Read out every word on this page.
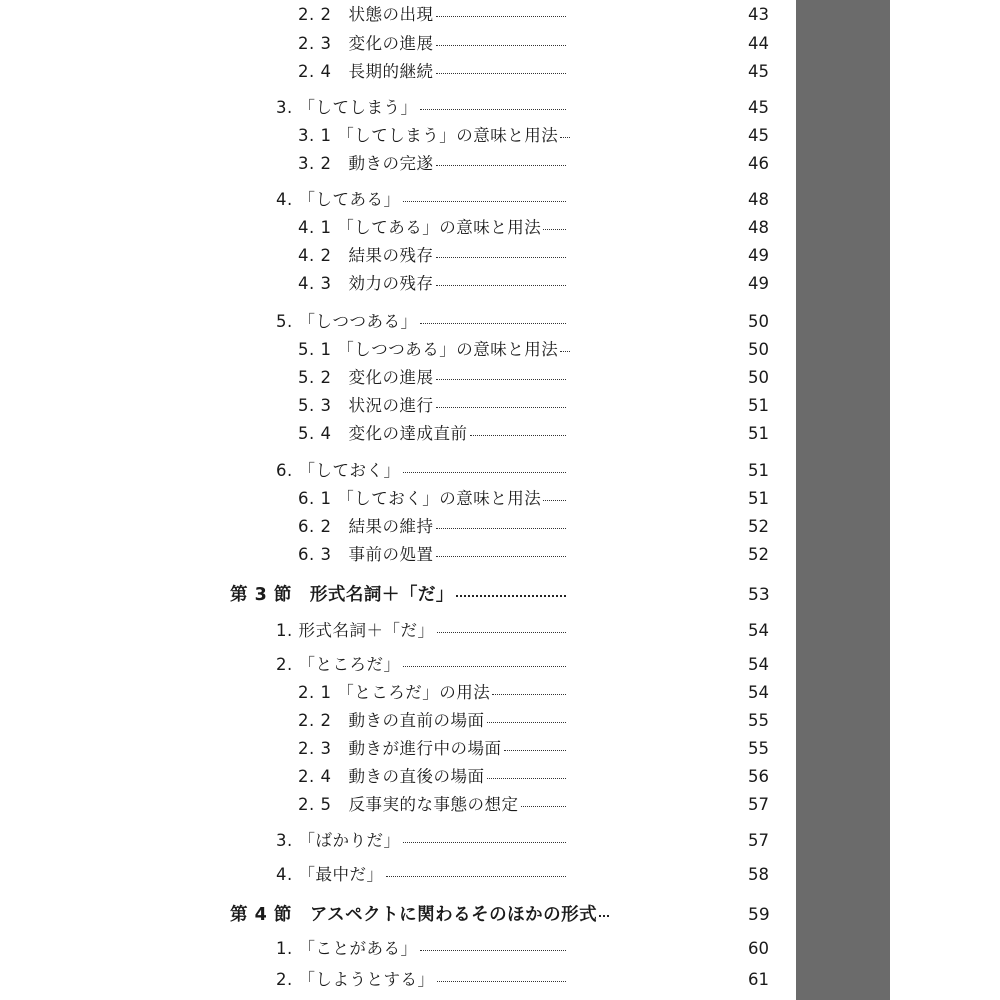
2. 2　状態の出現	43
2. 3　変化の進展	44
2. 4　長期的継続	45
3. 「してしまう」	45
3. 1 「してしまう」の意味と用法	45
3. 2　動きの完遂	46
4. 「してある」	48
4. 1 「してある」の意味と用法	48
4. 2　結果の残存	49
4. 3　効力の残存	49
5. 「しつつある」	50
5. 1 「しつつある」の意味と用法	50
5. 2　変化の進展	50
5. 3　状況の進行	51
5. 4　変化の達成直前	51
6. 「しておく」	51
6. 1 「しておく」の意味と用法	51
6. 2　結果の維持	52
6. 3　事前の処置	52
第 3 節　形式名詞＋「だ」	53
1. 形式名詞＋「だ」	54
2. 「ところだ」	54
2. 1 「ところだ」の用法	54
2. 2　動きの直前の場面	55
2. 3　動きが進行中の場面	55
2. 4　動きの直後の場面	56
2. 5　反事実的な事態の想定	57
3. 「ばかりだ」	57
4. 「最中だ」	58
第 4 節　アスペクトに関わるそのほかの形式	59
1. 「ことがある」	60
2. 「しようとする」	61
